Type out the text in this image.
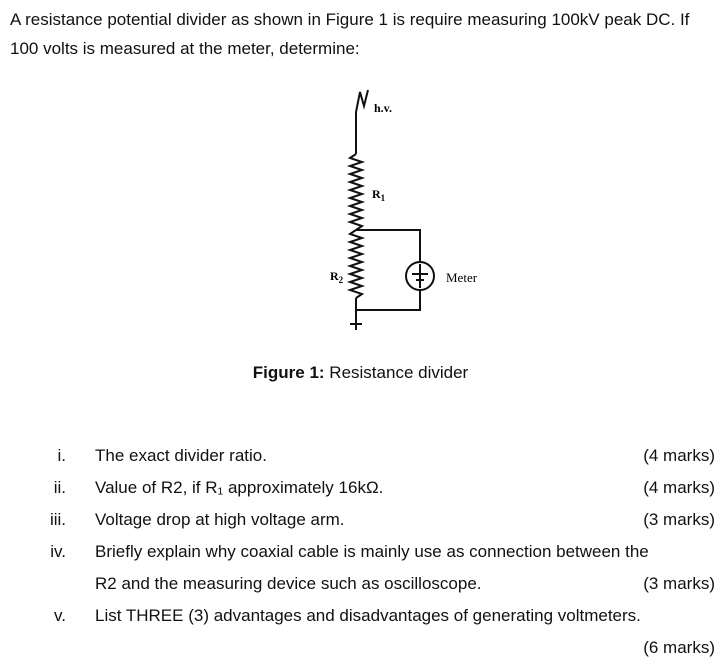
A resistance potential divider as shown in Figure 1 is require measuring 100kV peak DC. If 100 volts is measured at the meter, determine:

h.v.
$R_1$
$R_2$	Meter
Figure 1: Resistance divider
i. The exact divider ratio.	(4 marks)
ii. Value of R2, if R₁ approximately 16kΩ.	(4 marks)
iii. Voltage drop at high voltage arm.	(3 marks)
iv. Briefly explain why coaxial cable is mainly use as connection between the
R2 and the measuring device such as oscilloscope.	(3 marks)
v. List THREE (3) advantages and disadvantages of generating voltmeters.
(6 marks)
